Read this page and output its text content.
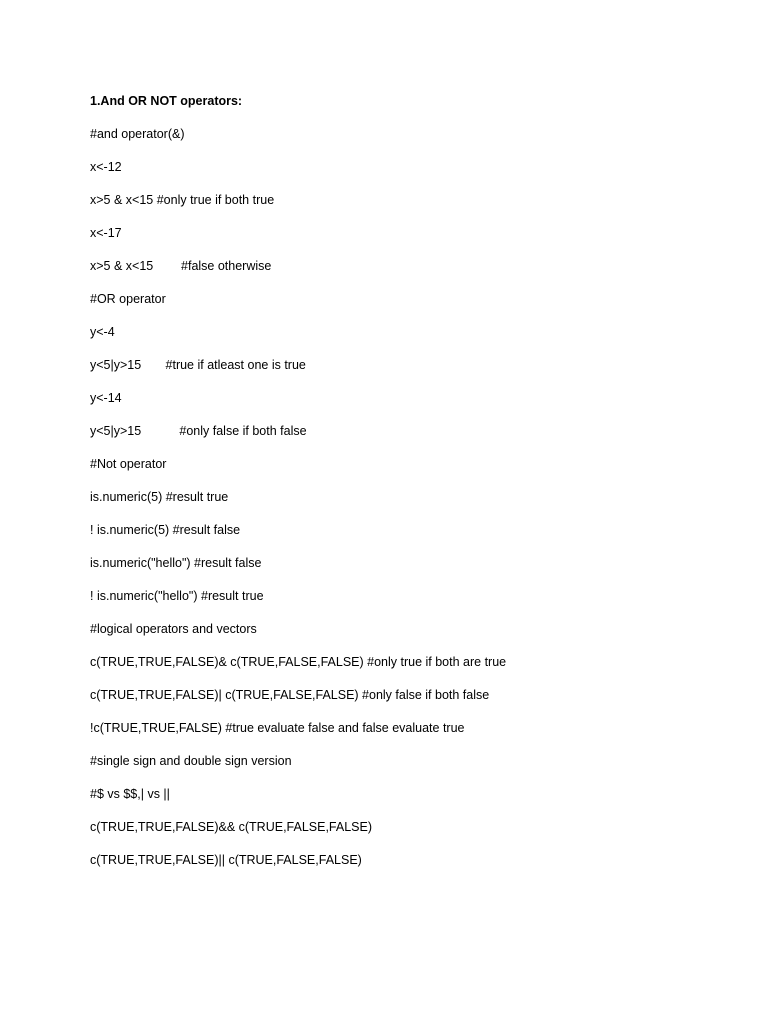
1.And OR NOT operators:
#and operator(&)
x<-12
x>5 & x<15 #only true if both true
x<-17
x>5 & x<15        #false otherwise
#OR operator
y<-4
y<5|y>15       #true if atleast one is true
y<-14
y<5|y>15           #only false if both false
#Not operator
is.numeric(5) #result true
! is.numeric(5) #result false
is.numeric("hello") #result false
! is.numeric("hello") #result true
#logical operators and vectors
c(TRUE,TRUE,FALSE)& c(TRUE,FALSE,FALSE) #only true if both are true
c(TRUE,TRUE,FALSE)| c(TRUE,FALSE,FALSE) #only false if both false
!c(TRUE,TRUE,FALSE) #true evaluate false and false evaluate true
#single sign and double sign version
#$ vs $$,| vs ||
c(TRUE,TRUE,FALSE)&& c(TRUE,FALSE,FALSE)
c(TRUE,TRUE,FALSE)|| c(TRUE,FALSE,FALSE)
